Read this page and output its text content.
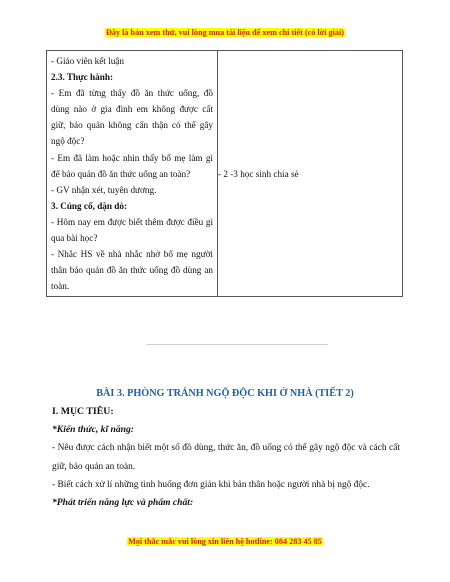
Đây là bản xem thử, vui lòng mua tài liệu để xem chi tiết (có lời giải)
- Giáo viên kết luận
2.3. Thực hành:
- Em đã từng thấy đồ ăn thức uống, đồ dùng nào ở gia đình em không được cất giữ, bảo quản không cẩn thận có thể gây ngộ độc?
- Em đã làm hoặc nhìn thấy bố mẹ làm gì để bảo quản đồ ăn thức uống an toàn?
- GV nhận xét, tuyên dương.
3. Củng cố, dặn dò:
- Hôm nay em được biết thêm được điều gì qua bài học?
- Nhắc HS về nhà nhắc nhở bố mẹ người thân bảo quản đồ ăn thức uống đồ dùng an toàn.
	- 2 -3 học sinh chia sẻ
BÀI 3. PHÒNG TRÁNH NGỘ ĐỘC KHI Ở NHÀ (TIẾT 2)
I. MỤC TIÊU:
*Kiến thức, kĩ năng:
- Nêu được cách nhận biết một số đồ dùng, thức ăn, đồ uống có thể gây ngộ độc và cách cất giữ, bảo quản an toàn.
- Biết cách xử lí những tình huống đơn giản khi bản thân hoặc người nhà bị ngộ độc.
*Phát triển năng lực và phẩm chất:
Mọi thắc mắc vui lòng xin liên hệ hotline: 084 283 45 85
